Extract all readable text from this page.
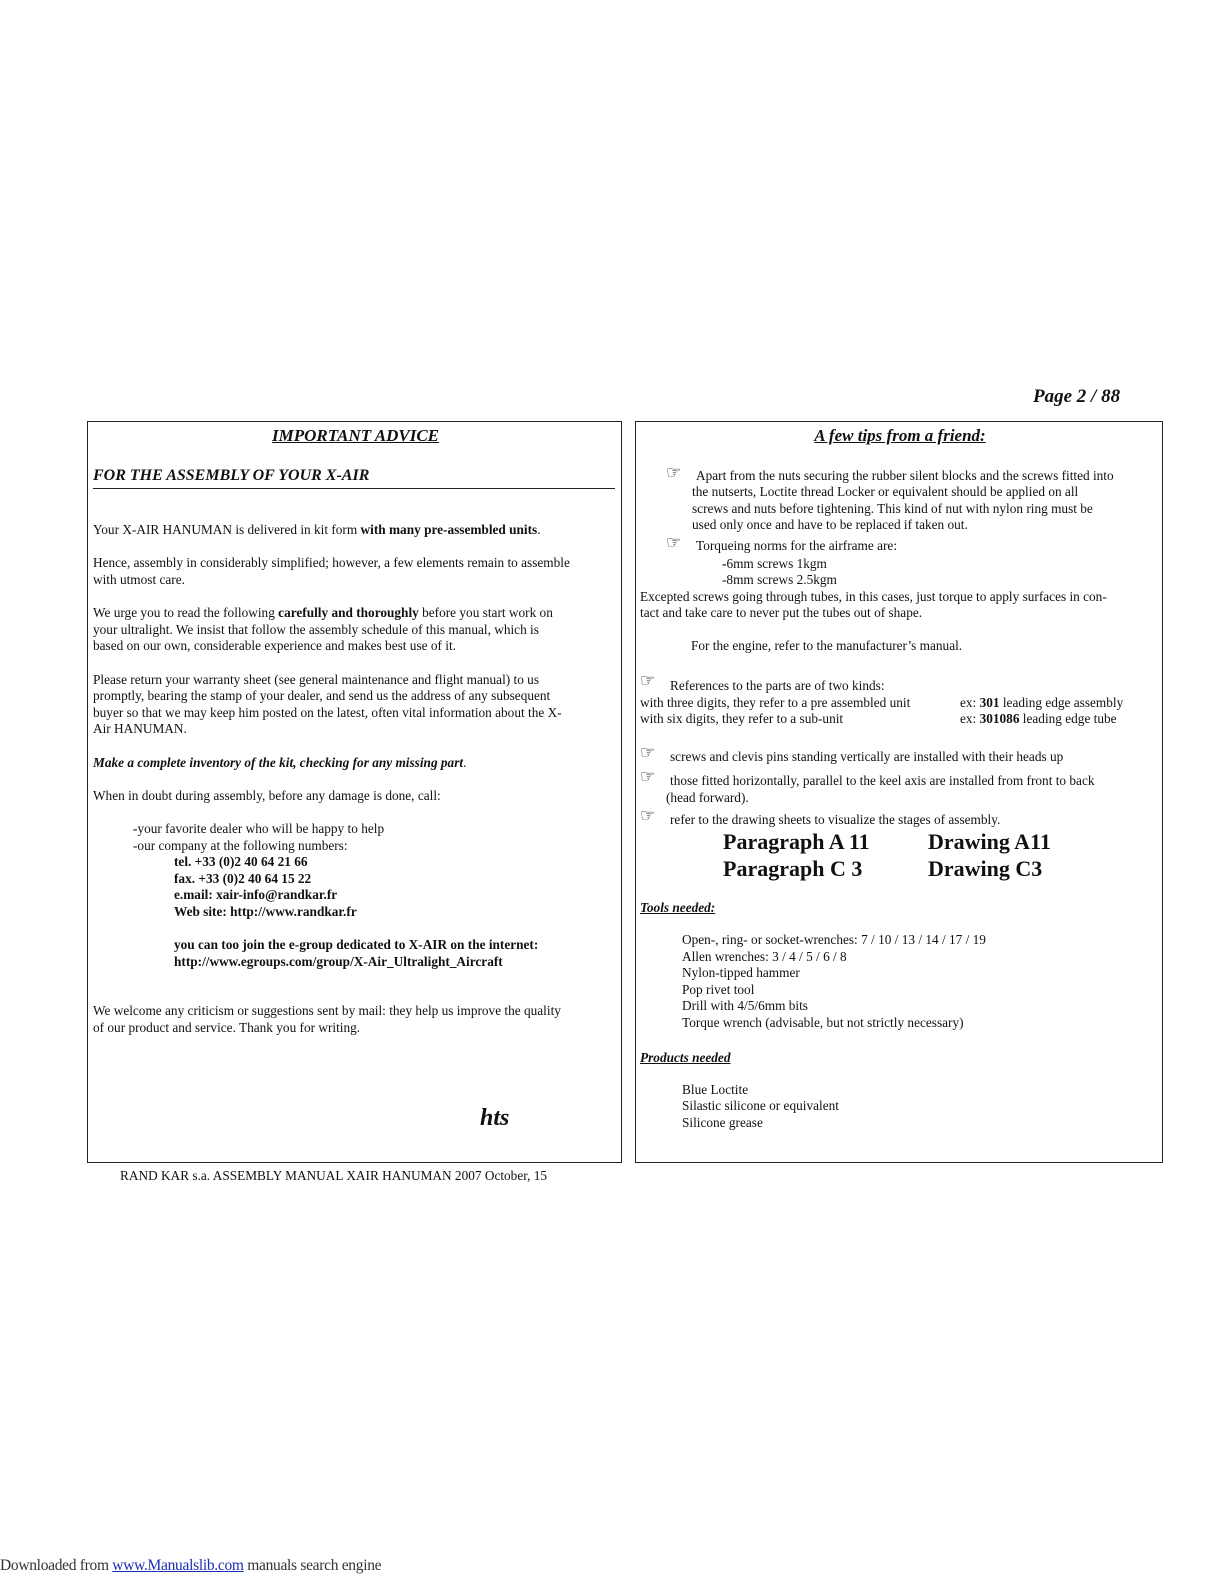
Page 2 / 88
IMPORTANT ADVICE
FOR THE ASSEMBLY OF YOUR X-AIR
Your X-AIR HANUMAN is delivered in kit form with many pre-assembled units.
Hence, assembly in considerably simplified; however, a few elements remain to assemble
with utmost care.
We urge you to read the following carefully and thoroughly before you start work on
your ultralight. We insist that follow the assembly schedule of this manual, which is
based on our own, considerable experience and makes best use of it.
Please return your warranty sheet (see general maintenance and flight manual) to us
promptly, bearing the stamp of your dealer, and send us the address of any subsequent
buyer so that we may keep him posted on the latest, often vital information about the X-
Air HANUMAN.
Make a complete inventory of the kit, checking for any missing part.
When in doubt during assembly, before any damage is done, call:
-your favorite dealer who will be happy to help
-our company at the following numbers:
tel. +33 (0)2 40 64 21 66
fax. +33 (0)2 40 64 15 22
e.mail: xair-info@randkar.fr
Web site: http://www.randkar.fr
you can too join the e-group dedicated to X-AIR on the internet:
http://www.egroups.com/group/X-Air_Ultralight_Aircraft
We welcome any criticism or suggestions sent by mail: they help us improve the quality
of our product and service. Thank you for writing.
hts
A few tips from a friend:
☞ Apart from the nuts securing the rubber silent blocks and the screws fitted into
the nutserts, Loctite thread Locker or equivalent should be applied on all
screws and nuts before tightening. This kind of nut with nylon ring must be
used only once and have to be replaced if taken out.
☞ Torqueing norms for the airframe are:
-6mm screws 1kgm
-8mm screws 2.5kgm
Excepted screws going through tubes, in this cases, just torque to apply surfaces in con-
tact and take care to never put the tubes out of shape.
For the engine, refer to the manufacturer’s manual.
☞ References to the parts are of two kinds:
with three digits, they refer to a pre assembled unit	ex: 301 leading edge assembly
with six digits, they refer to a sub-unit	ex: 301086 leading edge tube
☞ screws and clevis pins standing vertically are installed with their heads up
☞ those fitted horizontally, parallel to the keel axis are installed from front to back
(head forward).
☞ refer to the drawing sheets to visualize the stages of assembly.
Paragraph A 11	Drawing A11
Paragraph C 3	Drawing C3
Tools needed:
Open-, ring- or socket-wrenches: 7 / 10 / 13 / 14 / 17 / 19
Allen wrenches: 3 / 4 / 5 / 6 / 8
Nylon-tipped hammer
Pop rivet tool
Drill with 4/5/6mm bits
Torque wrench (advisable, but not strictly necessary)
Products needed
Blue Loctite
Silastic silicone or equivalent
Silicone grease
RAND KAR s.a. ASSEMBLY MANUAL XAIR HANUMAN 2007 October, 15
Downloaded from www.Manualslib.com manuals search engine
